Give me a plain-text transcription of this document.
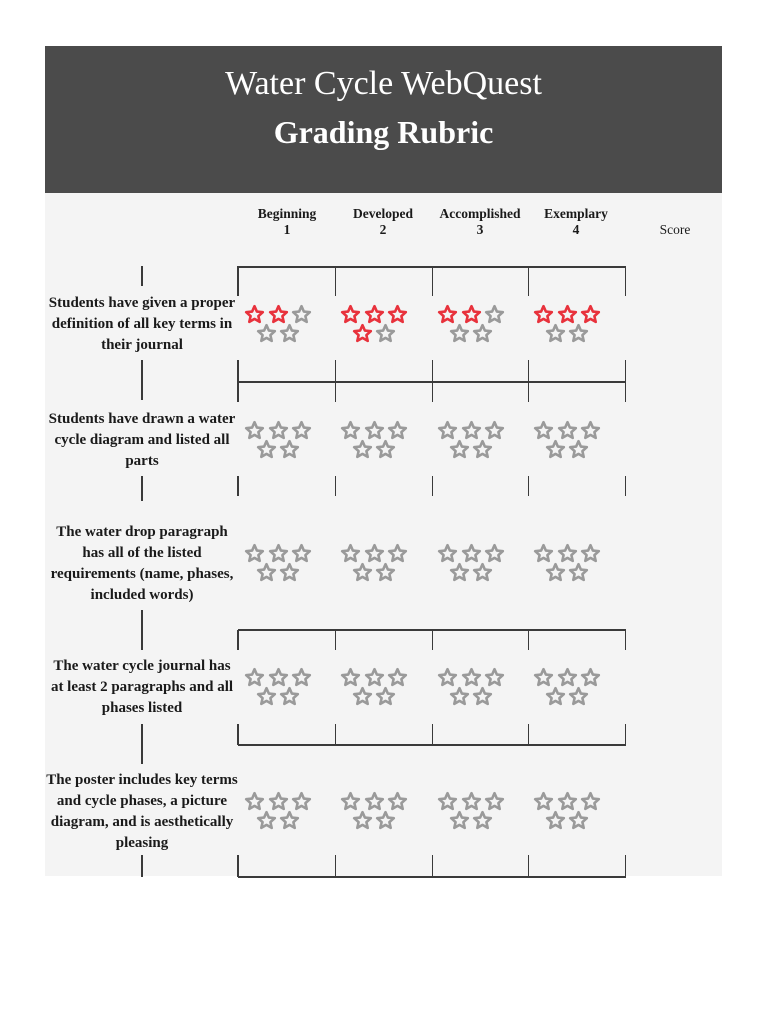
Water Cycle WebQuest
Grading Rubric
Beginning
1
Developed
2
Accomplished
3
Exemplary
4	Score
Students have given a proper definition of all key terms in their journal
Students have drawn a water cycle diagram and listed all parts
The water drop paragraph has all of the listed requirements (name, phases, included words)
The water cycle journal has at least 2 paragraphs and all phases listed
The poster includes key terms and cycle phases, a picture diagram, and is aesthetically pleasing
